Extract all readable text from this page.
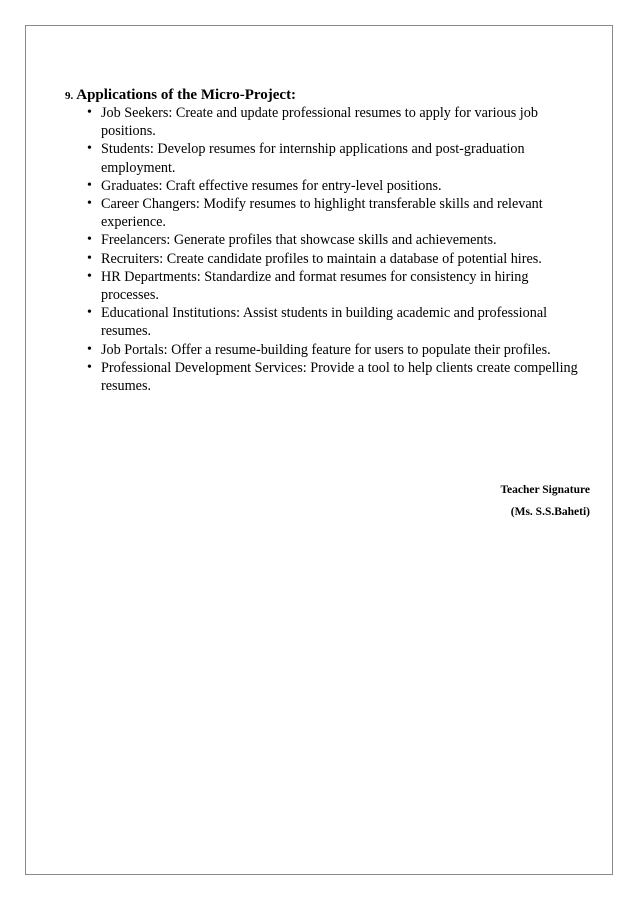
9. Applications of the Micro-Project:
• Job Seekers: Create and update professional resumes to apply for various job positions.
• Students: Develop resumes for internship applications and post-graduation employment.
• Graduates: Craft effective resumes for entry-level positions.
• Career Changers: Modify resumes to highlight transferable skills and relevant experience.
• Freelancers: Generate profiles that showcase skills and achievements.
• Recruiters: Create candidate profiles to maintain a database of potential hires.
• HR Departments: Standardize and format resumes for consistency in hiring processes.
• Educational Institutions: Assist students in building academic and professional resumes.
• Job Portals: Offer a resume-building feature for users to populate their profiles.
• Professional Development Services: Provide a tool to help clients create compelling resumes.
Teacher Signature
(Ms. S.S.Baheti)
